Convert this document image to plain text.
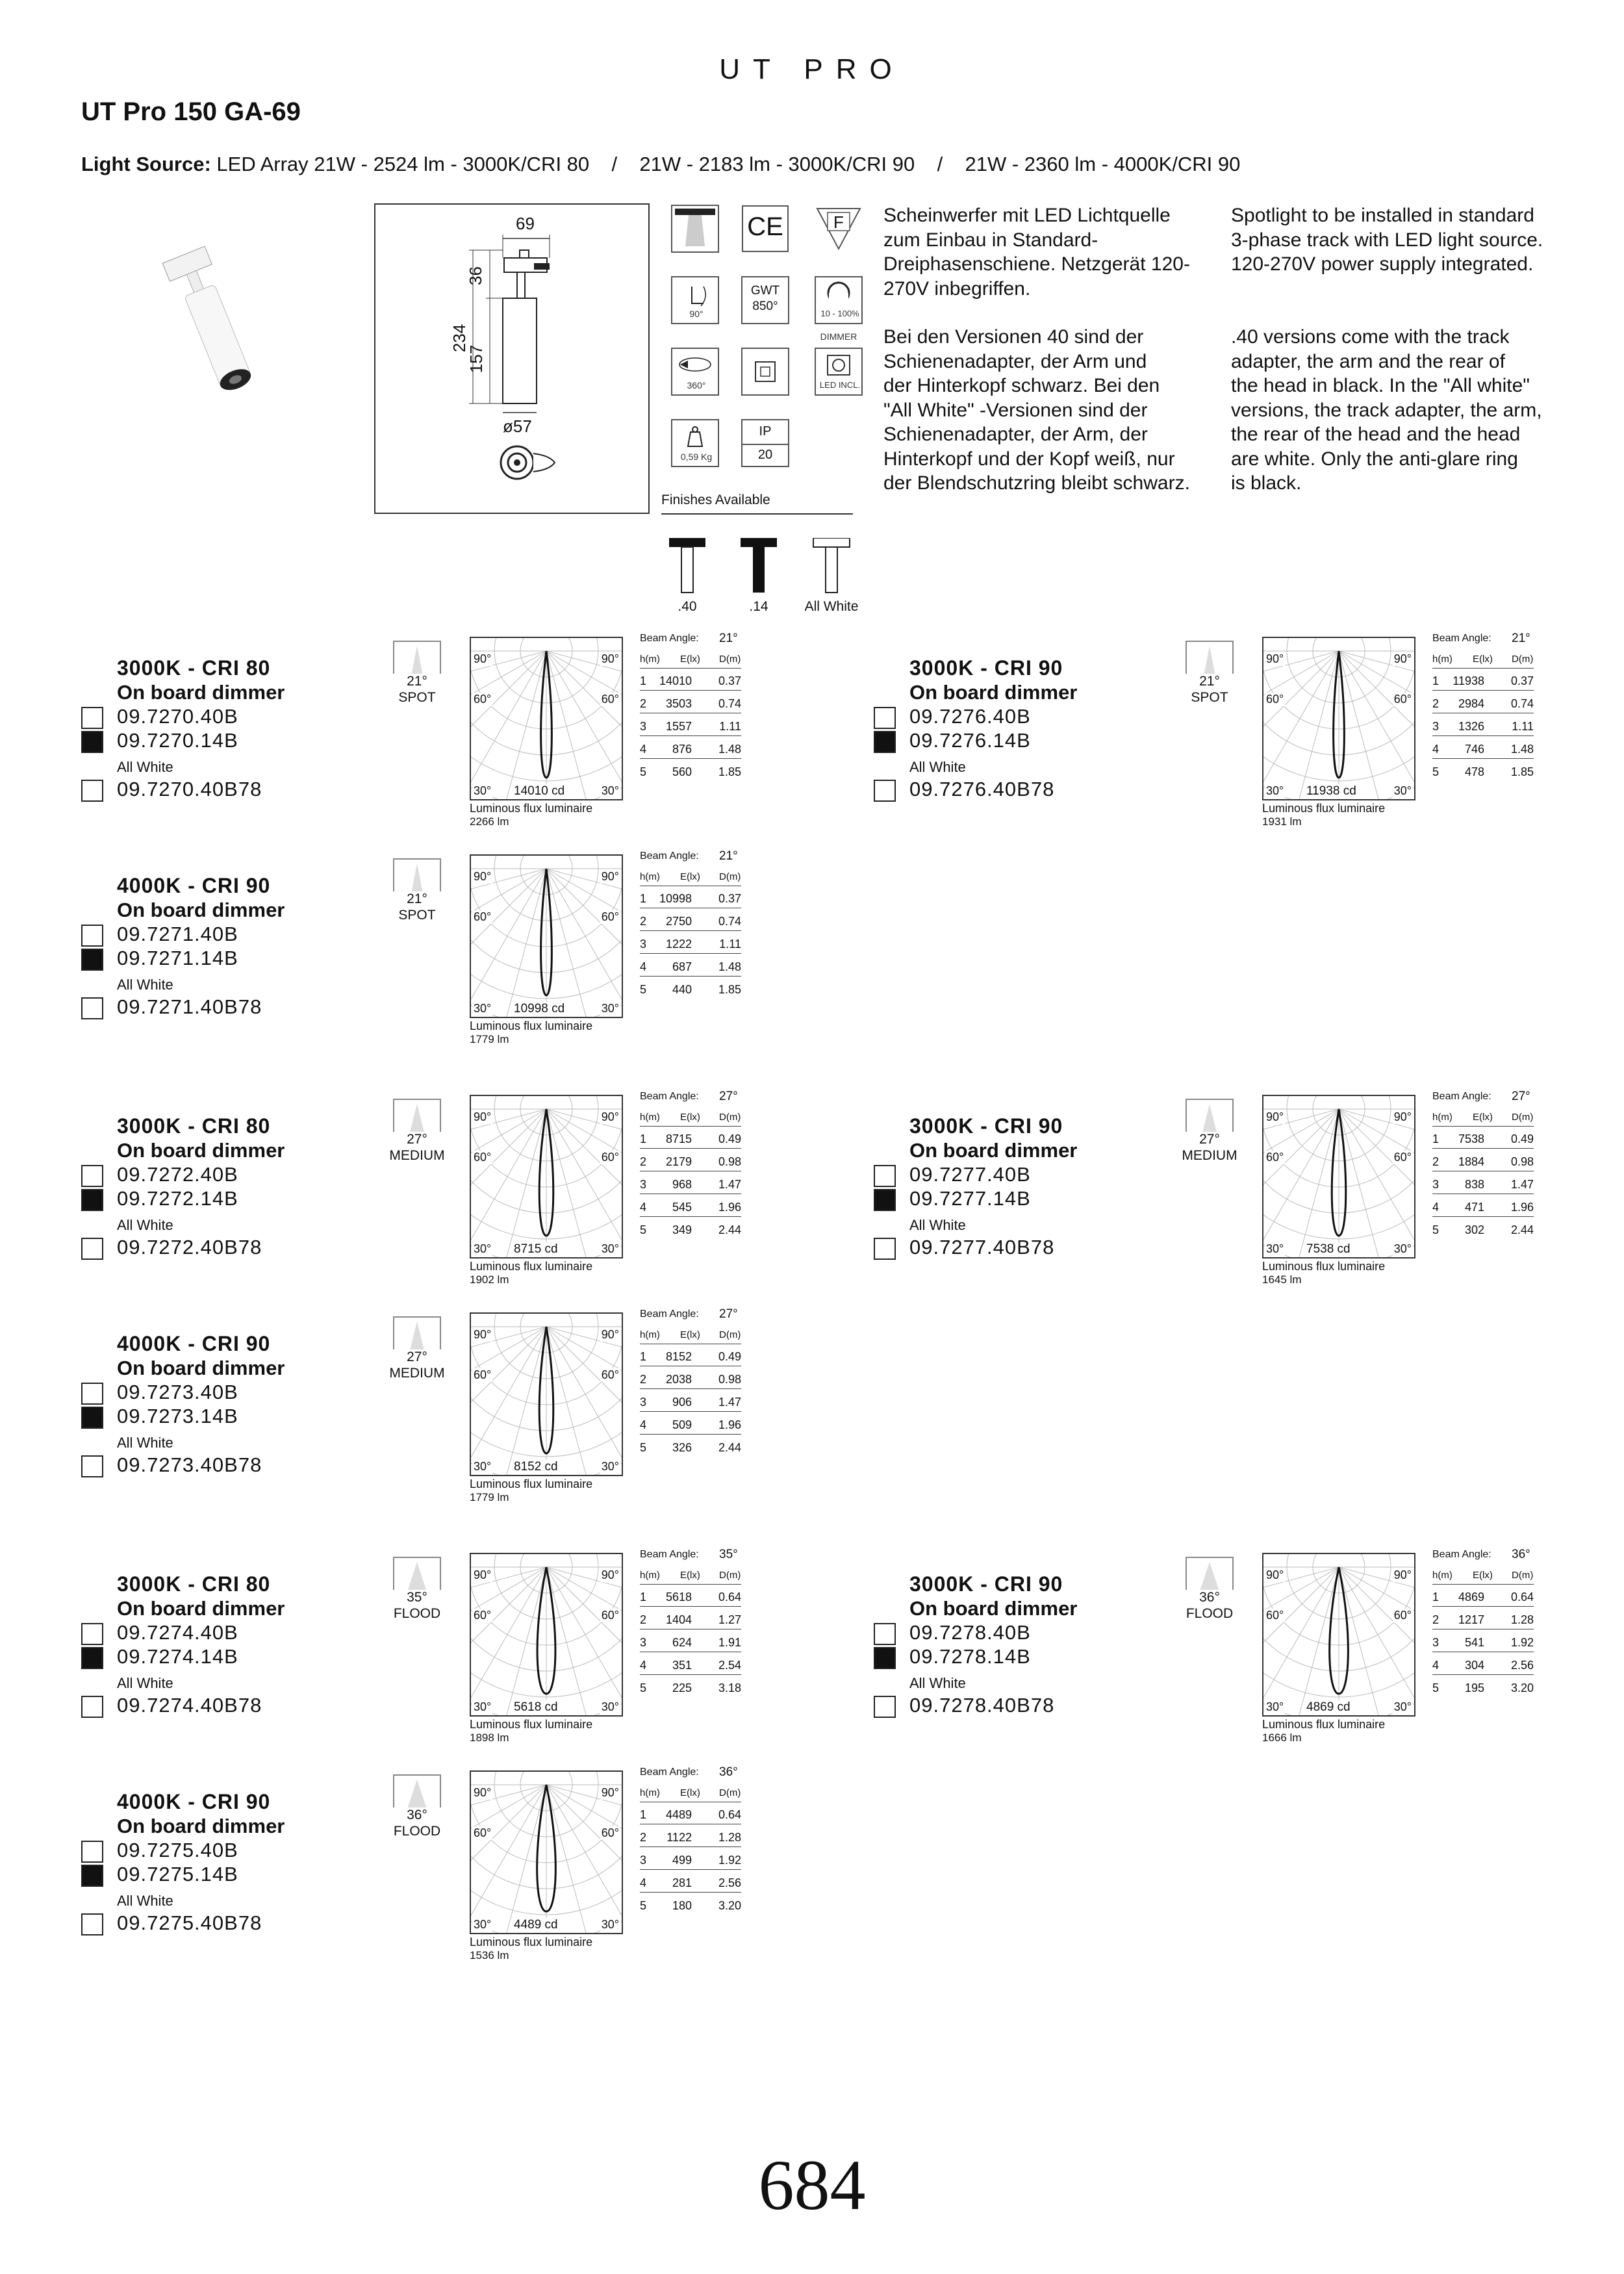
UT PRO
UT Pro 150 GA-69
Light Source: LED Array 21W - 2524 lm - 3000K/CRI 80 / 21W - 2183 lm - 3000K/CRI 90 / 21W - 2360 lm - 4000K/CRI 90
69
234
36
157
ø57
CE	F
90°
GWT
850°
10 - 100%
DIMMER
360°	LED INCL.
0,59 Kg
IP
20
Scheinwerfer mit LED Lichtquelle
zum Einbau in Standard-
Dreiphasenschiene. Netzgerät 120-
270V inbegriffen.
Bei den Versionen 40 sind der
Schienenadapter, der Arm und
der Hinterkopf schwarz. Bei den
"All White" -Versionen sind der
Schienenadapter, der Arm, der
Hinterkopf und der Kopf weiß, nur
der Blendschutzring bleibt schwarz.
Spotlight to be installed in standard
3-phase track with LED light source.
120-270V power supply integrated.
.40 versions come with the track
adapter, the arm and the rear of
the head in black. In the "All white"
versions, the track adapter, the arm,
the rear of the head and the head
are white. Only the anti-glare ring
is black.
Finishes Available
.40	.14	All White
3000K - CRI 80
On board dimmer
09.7270.40B
09.7270.14B
All White
09.7270.40B78
21°
SPOT
90°	90°
60°	60°
30°	30°
14010 cd
Luminous flux luminaire
2266 lm
Beam Angle: 21°
h(m) E(lx) D(m)
1 14010 0.37
2 3503 0.74
3 1557 1.11
4 876 1.48
5 560 1.85
3000K - CRI 90
On board dimmer
09.7276.40B
09.7276.14B
All White
09.7276.40B78
21°
SPOT
90°	90°
60°	60°
30°	30°
11938 cd
Luminous flux luminaire
1931 lm
Beam Angle: 21°
h(m) E(lx) D(m)
1 11938 0.37
2 2984 0.74
3 1326 1.11
4 746 1.48
5 478 1.85
4000K - CRI 90
On board dimmer
09.7271.40B
09.7271.14B
All White
09.7271.40B78
21°
SPOT
90°	90°
60°	60°
30°	30°
10998 cd
Luminous flux luminaire
1779 lm
Beam Angle: 21°
h(m) E(lx) D(m)
1 10998 0.37
2 2750 0.74
3 1222 1.11
4 687 1.48
5 440 1.85
3000K - CRI 80
On board dimmer
09.7272.40B
09.7272.14B
All White
09.7272.40B78
27°
MEDIUM
90°	90°
60°	60°
30°	30°
8715 cd
Luminous flux luminaire
1902 lm
Beam Angle: 27°
h(m) E(lx) D(m)
1 8715 0.49
2 2179 0.98
3 968 1.47
4 545 1.96
5 349 2.44
3000K - CRI 90
On board dimmer
09.7277.40B
09.7277.14B
All White
09.7277.40B78
27°
MEDIUM
90°	90°
60°	60°
30°	30°
7538 cd
Luminous flux luminaire
1645 lm
Beam Angle: 27°
h(m) E(lx) D(m)
1 7538 0.49
2 1884 0.98
3 838 1.47
4 471 1.96
5 302 2.44
4000K - CRI 90
On board dimmer
09.7273.40B
09.7273.14B
All White
09.7273.40B78
27°
MEDIUM
90°	90°
60°	60°
30°	30°
8152 cd
Luminous flux luminaire
1779 lm
Beam Angle: 27°
h(m) E(lx) D(m)
1 8152 0.49
2 2038 0.98
3 906 1.47
4 509 1.96
5 326 2.44
3000K - CRI 80
On board dimmer
09.7274.40B
09.7274.14B
All White
09.7274.40B78
35°
FLOOD
90°	90°
60°	60°
30°	30°
5618 cd
Luminous flux luminaire
1898 lm
Beam Angle: 35°
h(m) E(lx) D(m)
1 5618 0.64
2 1404 1.27
3 624 1.91
4 351 2.54
5 225 3.18
3000K - CRI 90
On board dimmer
09.7278.40B
09.7278.14B
All White
09.7278.40B78
36°
FLOOD
90°	90°
60°	60°
30°	30°
4869 cd
Luminous flux luminaire
1666 lm
Beam Angle: 36°
h(m) E(lx) D(m)
1 4869 0.64
2 1217 1.28
3 541 1.92
4 304 2.56
5 195 3.20
4000K - CRI 90
On board dimmer
09.7275.40B
09.7275.14B
All White
09.7275.40B78
36°
FLOOD
90°	90°
60°	60°
30°	30°
4489 cd
Luminous flux luminaire
1536 lm
Beam Angle: 36°
h(m) E(lx) D(m)
1 4489 0.64
2 1122 1.28
3 499 1.92
4 281 2.56
5 180 3.20
684
